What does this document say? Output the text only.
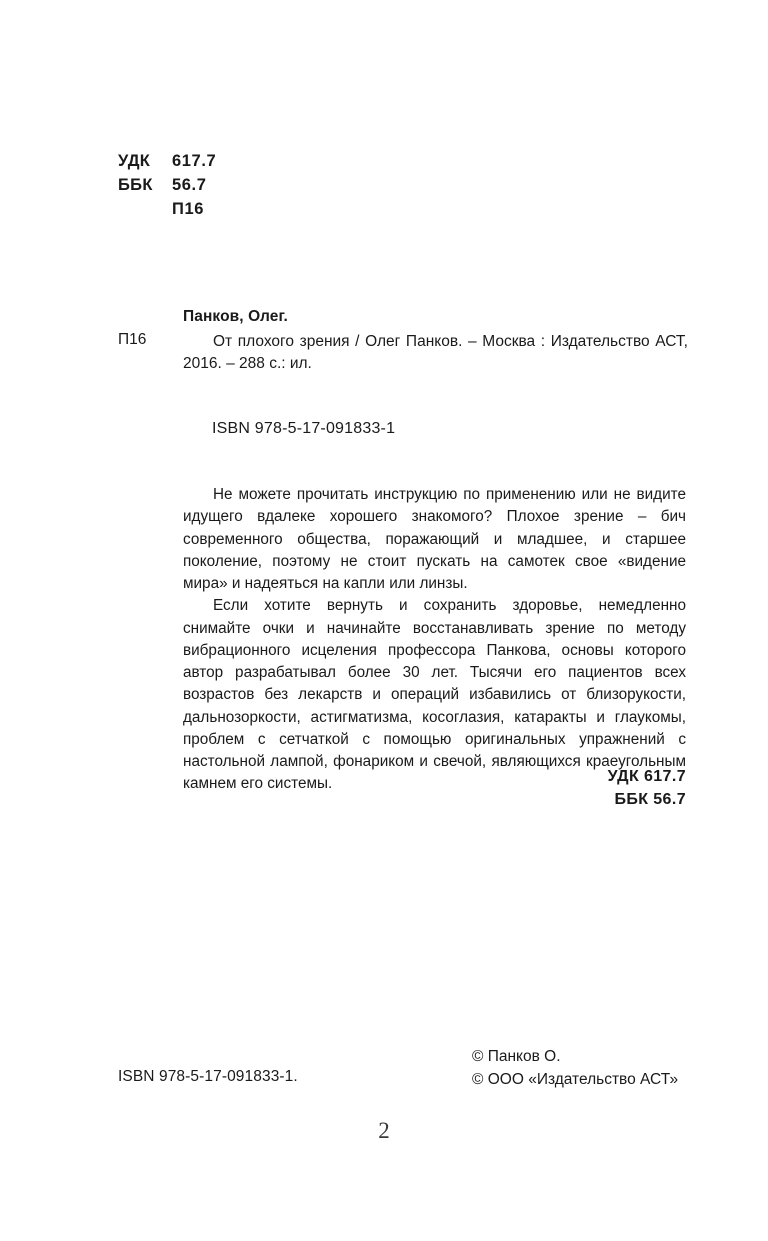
УДК	617.7
ББК	56.7
П16
Панков, Олег.
П16	От плохого зрения / Олег Панков. – Москва : Издательство АСТ, 2016. – 288 с.: ил.
ISBN 978-5-17-091833-1

Не можете прочитать инструкцию по применению или не видите идущего вдалеке хорошего знакомого? Плохое зрение – бич современного общества, поражающий и младшее, и старшее поколение, поэтому не стоит пускать на самотек свое «видение мира» и надеяться на капли или линзы.

Если хотите вернуть и сохранить здоровье, немедленно снимайте очки и начинайте восстанавливать зрение по методу вибрационного исцеления профессора Панкова, основы которого автор разрабатывал более 30 лет. Тысячи его пациентов всех возрастов без лекарств и операций избавились от близорукости, дальнозоркости, астигматизма, косоглазия, катаракты и глаукомы, проблем с сетчаткой с помощью оригинальных упражнений с настольной лампой, фонариком и свечой, являющихся краеугольным камнем его системы.	УДК 617.7
ББК 56.7
ISBN 978-5-17-091833-1.
© Панков О.
© ООО «Издательство АСТ»
2
